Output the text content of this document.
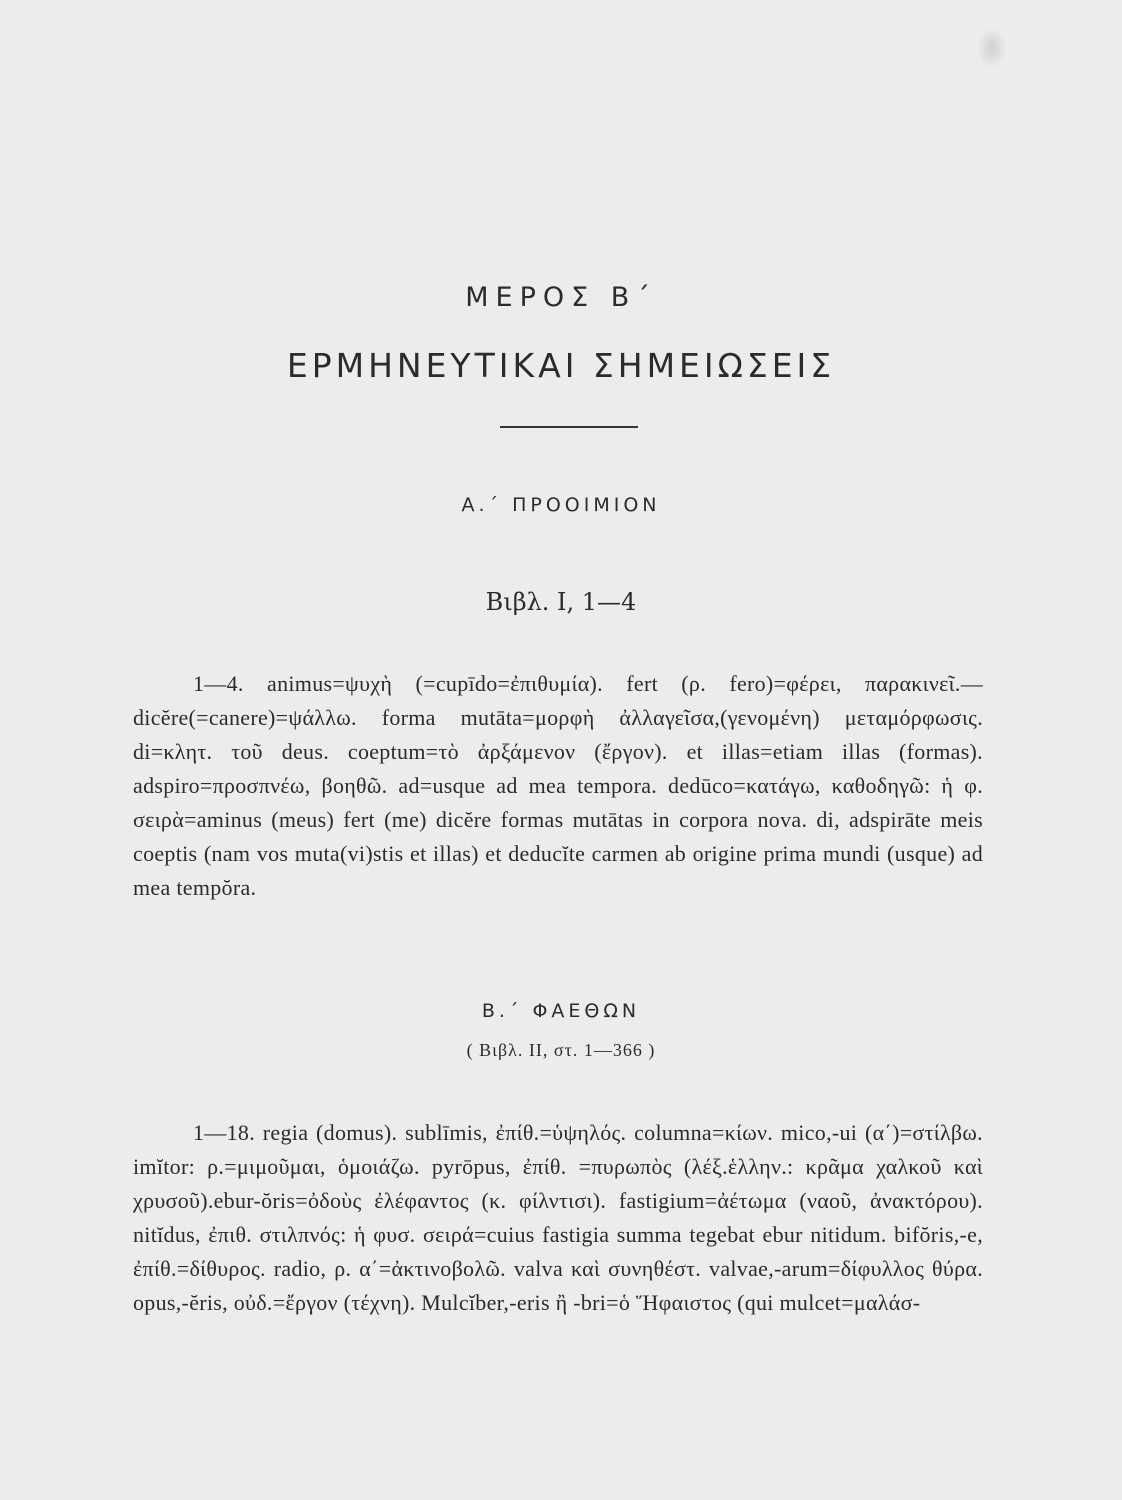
ΜΕΡΟΣ Β΄
ΕΡΜΗΝΕΥΤΙΚΑΙ ΣΗΜΕΙΩΣΕΙΣ
Α.΄ ΠΡΟΟΙΜΙΟΝ
Βιβλ. I, 1—4
1—4. animus=ψυχὴ (=cupīdo=ἐπιθυμία). fert (ρ. fero)=φέρει, παρακινεῖ.—dicĕre(=canere)=ψάλλω. forma mutāta=μορφὴ ἀλλαγεῖσα,(γενομένη) μεταμόρφωσις. di=κλητ. τοῦ deus. coeptum=τὸ ἀρξάμενον (ἔργον). et illas=etiam illas (formas). adspiro=προσπνέω, βοηθῶ. ad=usque ad mea tempora. dedūco=κατάγω, καθοδηγῶ: ἡ φ. σειρὰ=aminus (meus) fert (me) dicĕre formas mutātas in corpora nova. di, adspirāte meis coeptis (nam vos muta(vi)stis et illas) et deducĭte carmen ab origine prima mundi (usque) ad mea tempŏra.
Β.΄ ΦΑΕΘΩΝ
( Βιβλ. II, στ. 1—366 )
1—18. regia (domus). sublīmis, ἐπίθ.=ὑψηλός. columna=κίων. mico,-ui (α΄)=στίλβω. imĭtor: ρ.=μιμοῦμαι, ὁμοιάζω. pyrōpus, ἐπίθ. =πυρωπὸς (λέξ.ἑλλην.: κρᾶμα χαλκοῦ καὶ χρυσοῦ).ebur-ŏris=ὀδοὺς ἐλέφαντος (κ. φίλντισι). fastigium=ἀέτωμα (ναοῦ, ἀνακτόρου). nitĭdus, ἐπιθ. στιλπνός: ἡ φυσ. σειρά=cuius fastigia summa tegebat ebur nitidum. bifŏris,-e, ἐπίθ.=δίθυρος. radio, ρ. α΄=ἀκτινοβολῶ. valva καὶ συνηθέστ. valvae,-arum=δίφυλλος θύρα. opus,-ĕris, οὐδ.=ἔργον (τέχνη). Mulcĭber,-eris ἢ -bri=ὁ Ἥφαιστος (qui mulcet=μαλάσ-
